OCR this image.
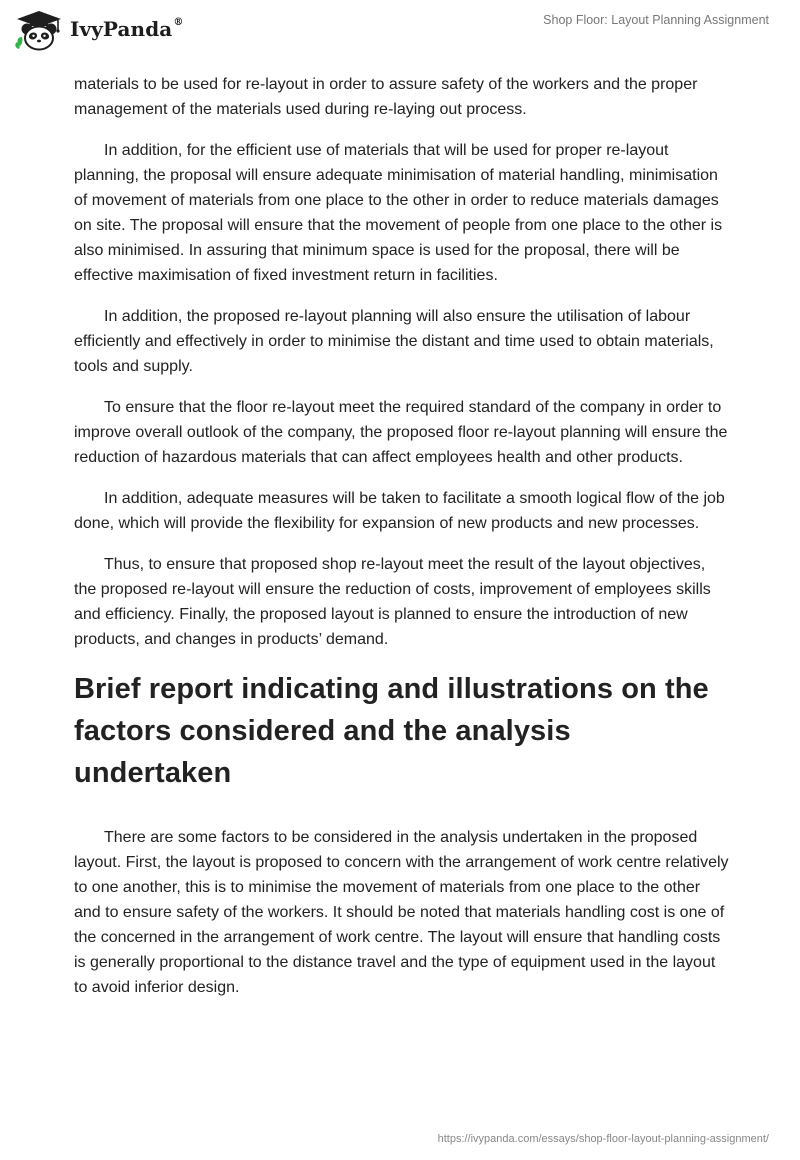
IvyPanda®	Shop Floor: Layout Planning Assignment

materials to be used for re-layout in order to assure safety of the workers and the proper management of the materials used during re-laying out process.

In addition, for the efficient use of materials that will be used for proper re-layout planning, the proposal will ensure adequate minimisation of material handling, minimisation of movement of materials from one place to the other in order to reduce materials damages on site. The proposal will ensure that the movement of people from one place to the other is also minimised. In assuring that minimum space is used for the proposal, there will be effective maximisation of fixed investment return in facilities.

In addition, the proposed re-layout planning will also ensure the utilisation of labour efficiently and effectively in order to minimise the distant and time used to obtain materials, tools and supply.

To ensure that the floor re-layout meet the required standard of the company in order to improve overall outlook of the company, the proposed floor re-layout planning will ensure the reduction of hazardous materials that can affect employees health and other products.

In addition, adequate measures will be taken to facilitate a smooth logical flow of the job done, which will provide the flexibility for expansion of new products and new processes.

Thus, to ensure that proposed shop re-layout meet the result of the layout objectives, the proposed re-layout will ensure the reduction of costs, improvement of employees skills and efficiency. Finally, the proposed layout is planned to ensure the introduction of new products, and changes in products’ demand.

Brief report indicating and illustrations on the factors considered and the analysis undertaken

There are some factors to be considered in the analysis undertaken in the proposed layout. First, the layout is proposed to concern with the arrangement of work centre relatively to one another, this is to minimise the movement of materials from one place to the other and to ensure safety of the workers. It should be noted that materials handling cost is one of the concerned in the arrangement of work centre. The layout will ensure that handling costs is generally proportional to the distance travel and the type of equipment used in the layout to avoid inferior design.

https://ivypanda.com/essays/shop-floor-layout-planning-assignment/
